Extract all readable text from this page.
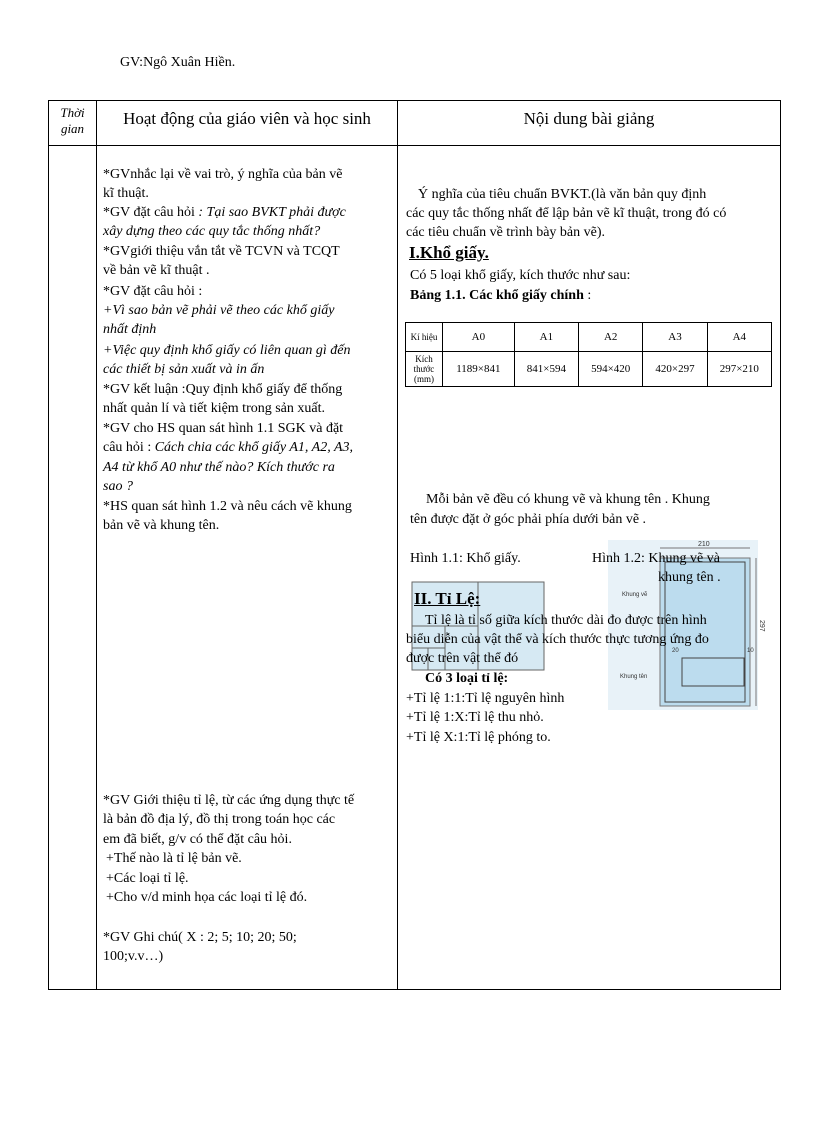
GV:Ngô Xuân Hiền.
Thời
gian	Hoạt động của giáo viên và học sinh	Nội dung bài giảng

*GVnhắc lại về vai trò, ý nghĩa của bản vẽ
kĩ thuật.
*GV đặt câu hỏi : Tại sao BVKT phải được
xây dựng theo các quy tắc thống nhất?
*GVgiới thiệu vắn tắt về TCVN và TCQT
về bản vẽ kĩ thuật .
*GV đặt câu hỏi :
+Vì sao bản vẽ phải vẽ theo các khổ giấy
nhất định
+Việc quy định khổ giấy có liên quan gì đến
các thiết bị sản xuất và in ấn
*GV kết luận :Quy định khổ giấy để thống
nhất quản lí và tiết kiệm trong sản xuất.
*GV cho HS quan sát hình 1.1 SGK và đặt
câu hỏi : Cách chia các khổ giấy A1, A2, A3,
A4 từ khổ A0 như thế nào? Kích thước ra
sao ?
*HS quan sát hình 1.2 và nêu cách vẽ khung
bản vẽ và khung tên.
*GV Giới thiệu tỉ lệ, từ các ứng dụng thực tế
là bản đồ địa lý, đồ thị trong toán học các
em đã biết, g/v có thể đặt câu hỏi.
+Thế nào là tỉ lệ bản vẽ.
+Các loại tỉ lệ.
+Cho v/d minh họa các loại tỉ lệ đó.
*GV Ghi chú( X : 2; 5; 10; 20; 50;
100;v.v…)
Ý nghĩa của tiêu chuẩn BVKT.(là văn bản quy định
các quy tắc thống nhất để lập bản vẽ kĩ thuật, trong đó có
các tiêu chuẩn về trình bày bản vẽ).
I.Khổ giấy.
Có 5 loại khổ giấy, kích thước như sau:
Bảng 1.1. Các khổ giấy chính :
Kí hiệu	A0	A1	A2	A3	A4
Kích thước (mm)	1189×841	841×594	594×420	420×297	297×210
Mỗi bản vẽ đều có khung vẽ và khung tên . Khung
tên được đặt ở góc phải phía dưới bản vẽ .
210
297
Khung vẽ
Khung tên
20	10
Hình 1.1: Khổ giấy.	Hình 1.2: Khung vẽ và
khung tên .
II. Tỉ Lệ:
Tỉ lệ là tỉ số giữa kích thước dài đo được trên hình
biểu diễn của vật thể và kích thước thực tương ứng đo
được trên vật thể đó
Có 3 loại tỉ lệ:
+Tỉ lệ 1:1:Tỉ lệ nguyên hình
+Tỉ lệ 1:X:Tỉ lệ thu nhỏ.
+Tỉ lệ X:1:Tỉ lệ phóng to.
